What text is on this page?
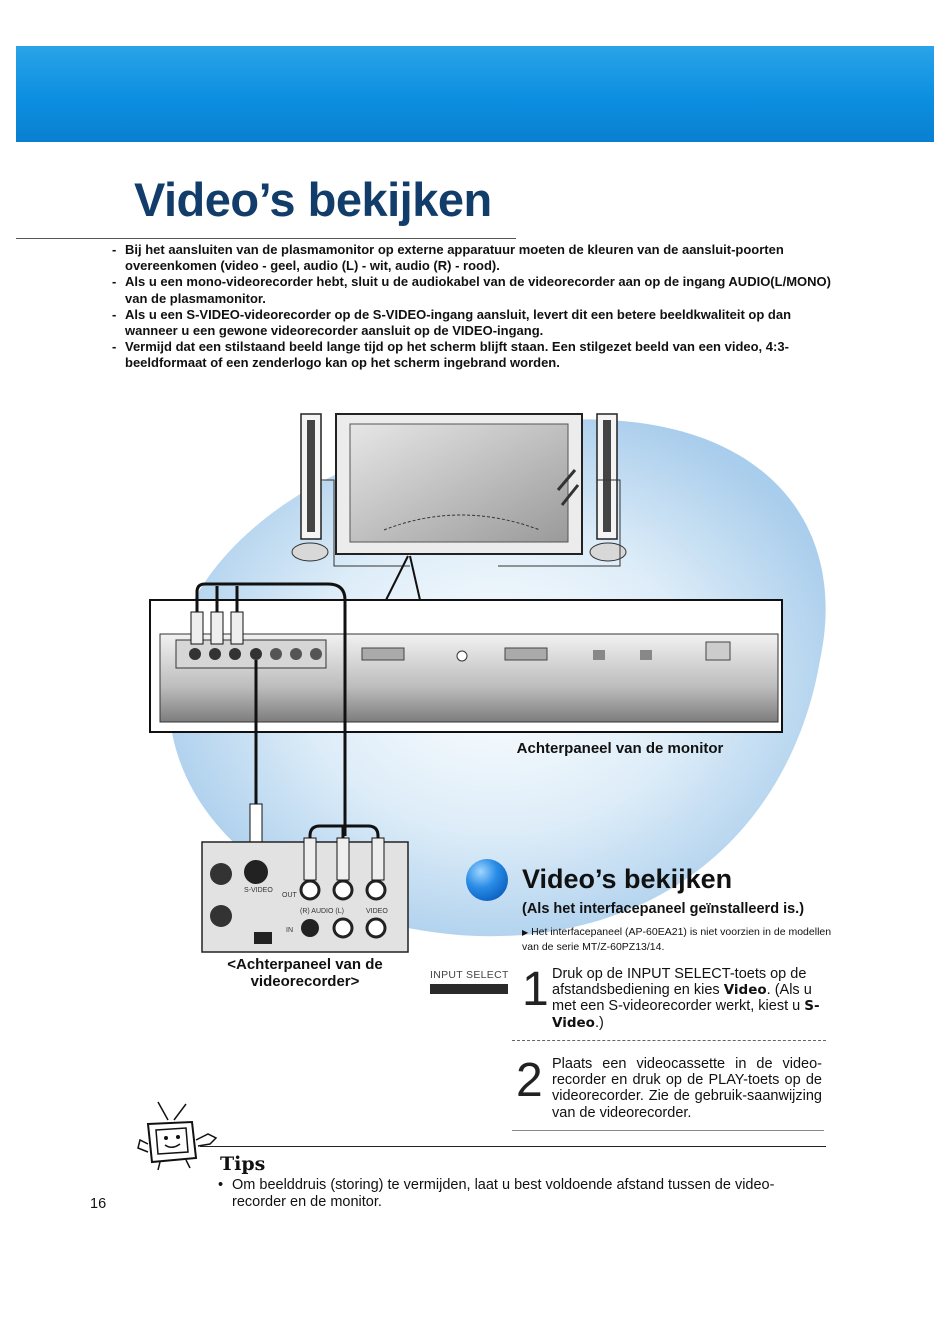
Video’s bekijken
- Bij het aansluiten van de plasmamonitor op externe apparatuur moeten de kleuren van de aansluit-poorten overeenkomen (video - geel, audio (L) - wit, audio (R) - rood).
- Als u een mono-videorecorder hebt, sluit u de audiokabel van de videorecorder aan op de ingang AUDIO(L/MONO) van de plasmamonitor.
- Als u een S-VIDEO-videorecorder op de S-VIDEO-ingang aansluit, levert dit een betere beeldkwaliteit op dan wanneer u een gewone videorecorder aansluit op de VIDEO-ingang.
- Vermijd dat een stilstaand beeld lange tijd op het scherm blijft staan. Een stilgezet beeld van een video, 4:3-beeldformaat of een zenderlogo kan op het scherm ingebrand worden.
S-VIDEO
OUT
IN
(R) AUDIO (L)	VIDEO
Achterpaneel van de monitor
<Achterpaneel van de
videorecorder>
Video’s bekijken
(Als het interfacepaneel geïnstalleerd is.)
▶ Het interfacepaneel (AP-60EA21) is niet voorzien in de modellen van de serie MT/Z-60PZ13/14.
INPUT SELECT 1 Druk op de INPUT SELECT-toets op de afstandsbediening en kies Video. (Als u met een S-videorecorder werkt, kiest u S-Video.)
2 Plaats een videocassette in de video-recorder en druk op de PLAY-toets op de videorecorder. Zie de gebruik-saanwijzing van de videorecorder.
Tips
• Om beelddruis (storing) te vermijden, laat u best voldoende afstand tussen de video-recorder en de monitor.
16
